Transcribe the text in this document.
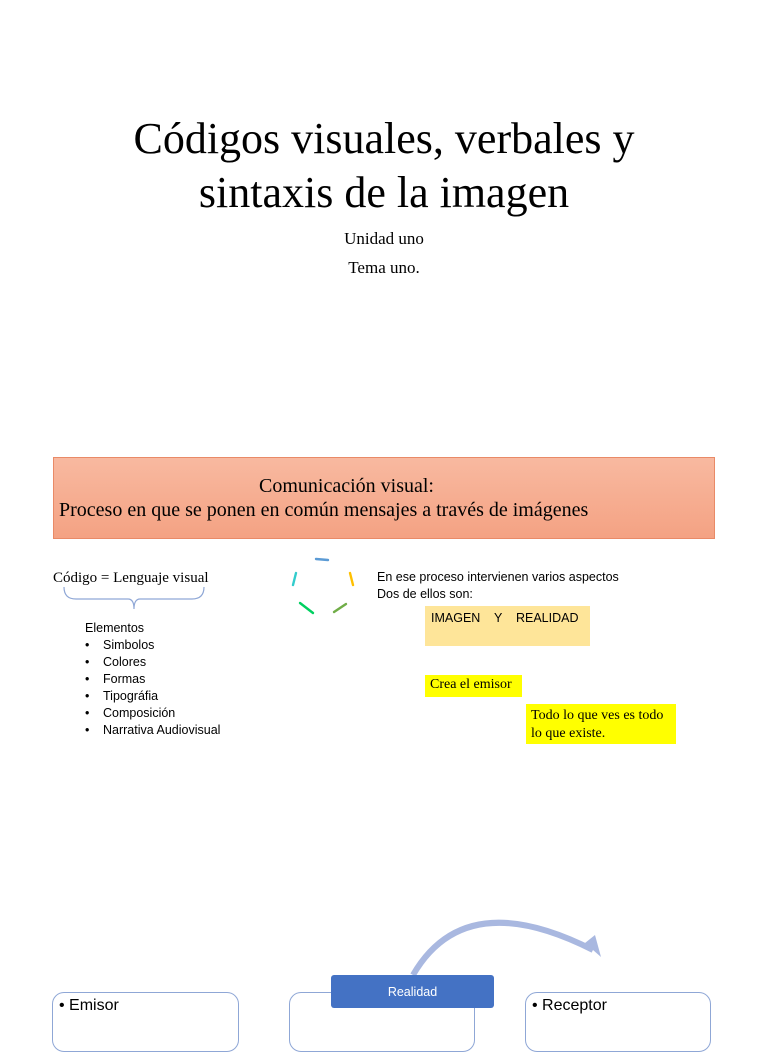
Códigos visuales, verbales y
sintaxis de la imagen
Unidad uno
Tema uno.
Comunicación visual:
Proceso en que se ponen en común mensajes a través de imágenes
Código = Lenguaje visual
Elementos
• Simbolos
• Colores
• Formas
• Tipográfia
• Composición
• Narrativa Audiovisual
En ese proceso intervienen varios aspectos
Dos de ellos son:
IMAGEN    Y    REALIDAD
Crea el emisor
Todo lo que ves es todo
lo que existe.
• Emisor	• Receptor
Realidad
